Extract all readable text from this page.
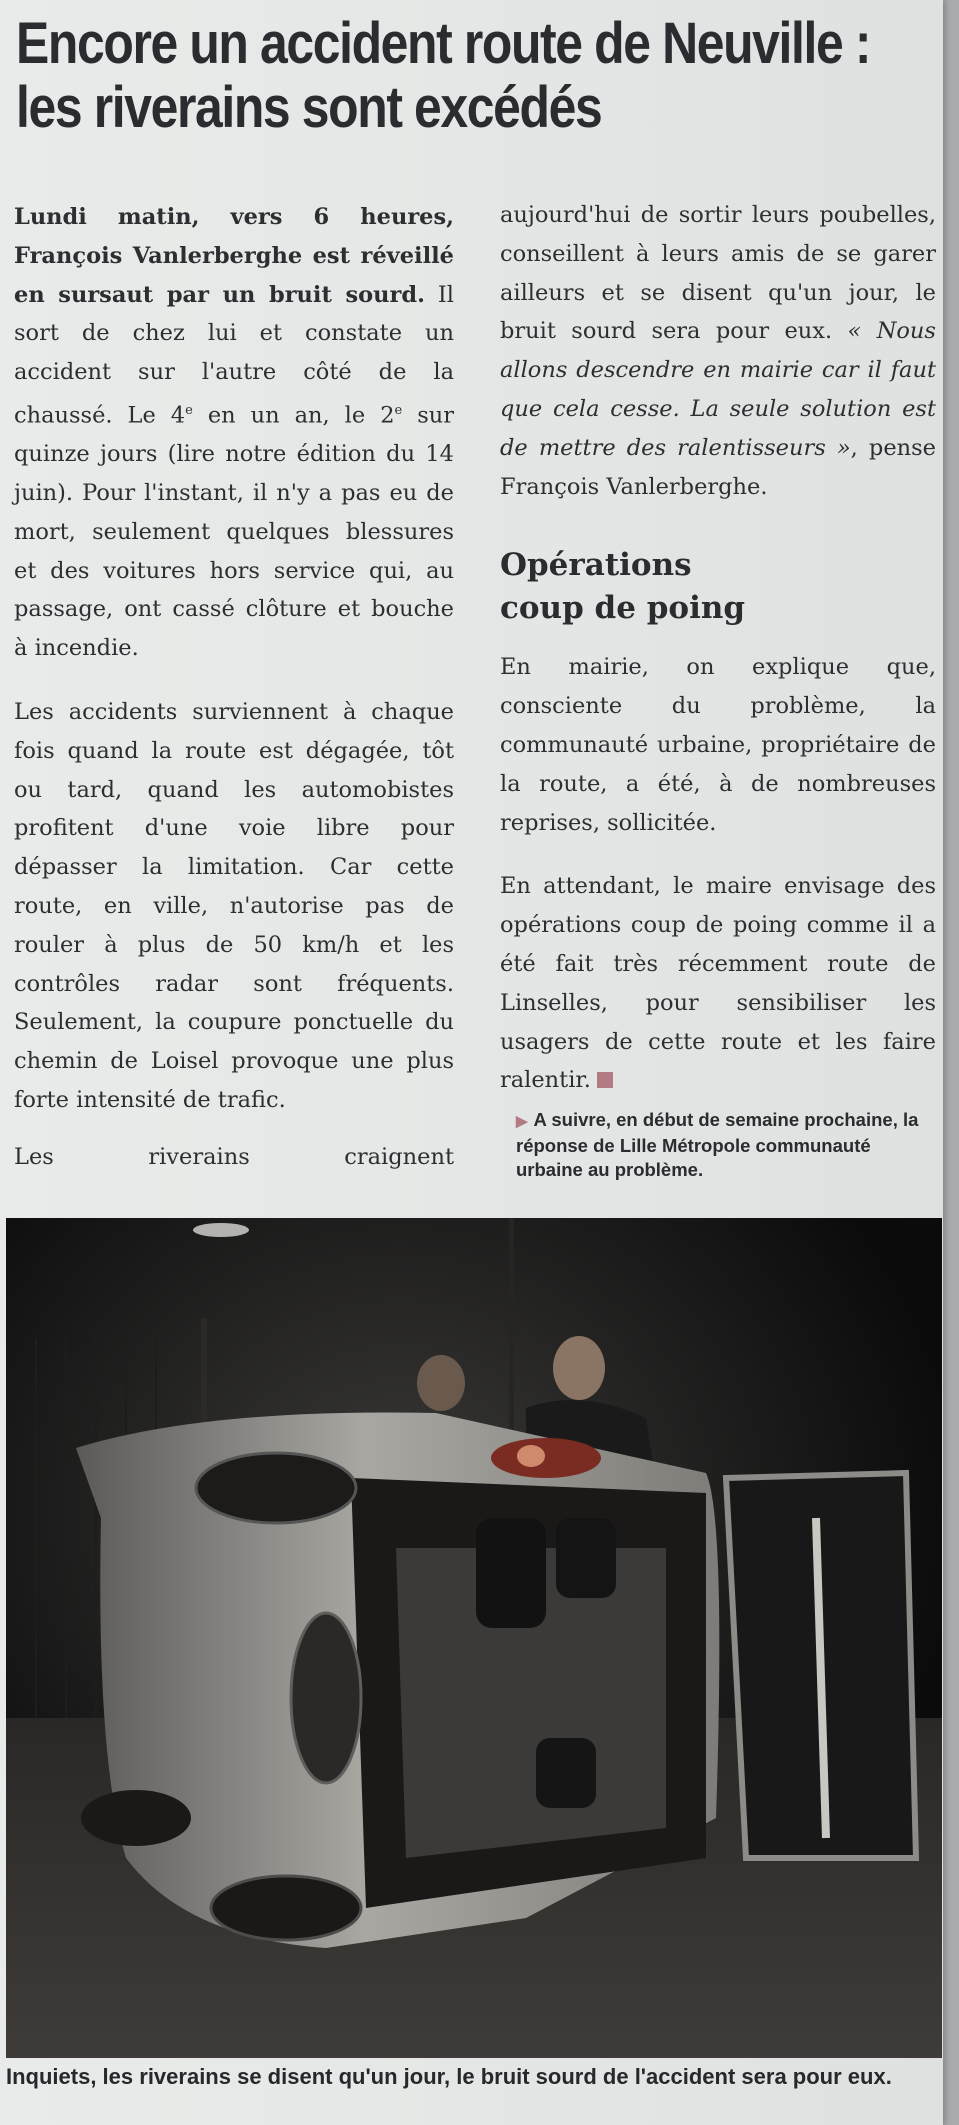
Encore un accident route de Neuville :
les riverains sont excédés

Lundi matin, vers 6 heures, François Vanlerberghe est réveillé en sursaut par un bruit sourd. Il sort de chez lui et constate un accident sur l'autre côté de la chaussé. Le 4e en un an, le 2e sur quinze jours (lire notre édition du 14 juin). Pour l'instant, il n'y a pas eu de mort, seulement quelques blessures et des voitures hors service qui, au passage, ont cassé clôture et bouche à incendie.

Les accidents surviennent à chaque fois quand la route est dégagée, tôt ou tard, quand les automobistes profitent d'une voie libre pour dépasser la limitation. Car cette route, en ville, n'autorise pas de rouler à plus de 50 km/h et les contrôles radar sont fréquents. Seulement, la coupure ponctuelle du chemin de Loisel provoque une plus forte intensité de trafic.

Les riverains craignent

aujourd'hui de sortir leurs poubelles, conseillent à leurs amis de se garer ailleurs et se disent qu'un jour, le bruit sourd sera pour eux. « Nous allons descendre en mairie car il faut que cela cesse. La seule solution est de mettre des ralentisseurs », pense François Vanlerberghe.

Opérations
coup de poing

En mairie, on explique que, consciente du problème, la communauté urbaine, propriétaire de la route, a été, à de nombreuses reprises, sollicitée.

En attendant, le maire envisage des opérations coup de poing comme il a été fait très récemment route de Linselles, pour sensibiliser les usagers de cette route et les faire ralentir.

▶ A suivre, en début de semaine prochaine, la réponse de Lille Métropole communauté urbaine au problème.
Inquiets, les riverains se disent qu'un jour, le bruit sourd de l'accident sera pour eux.
